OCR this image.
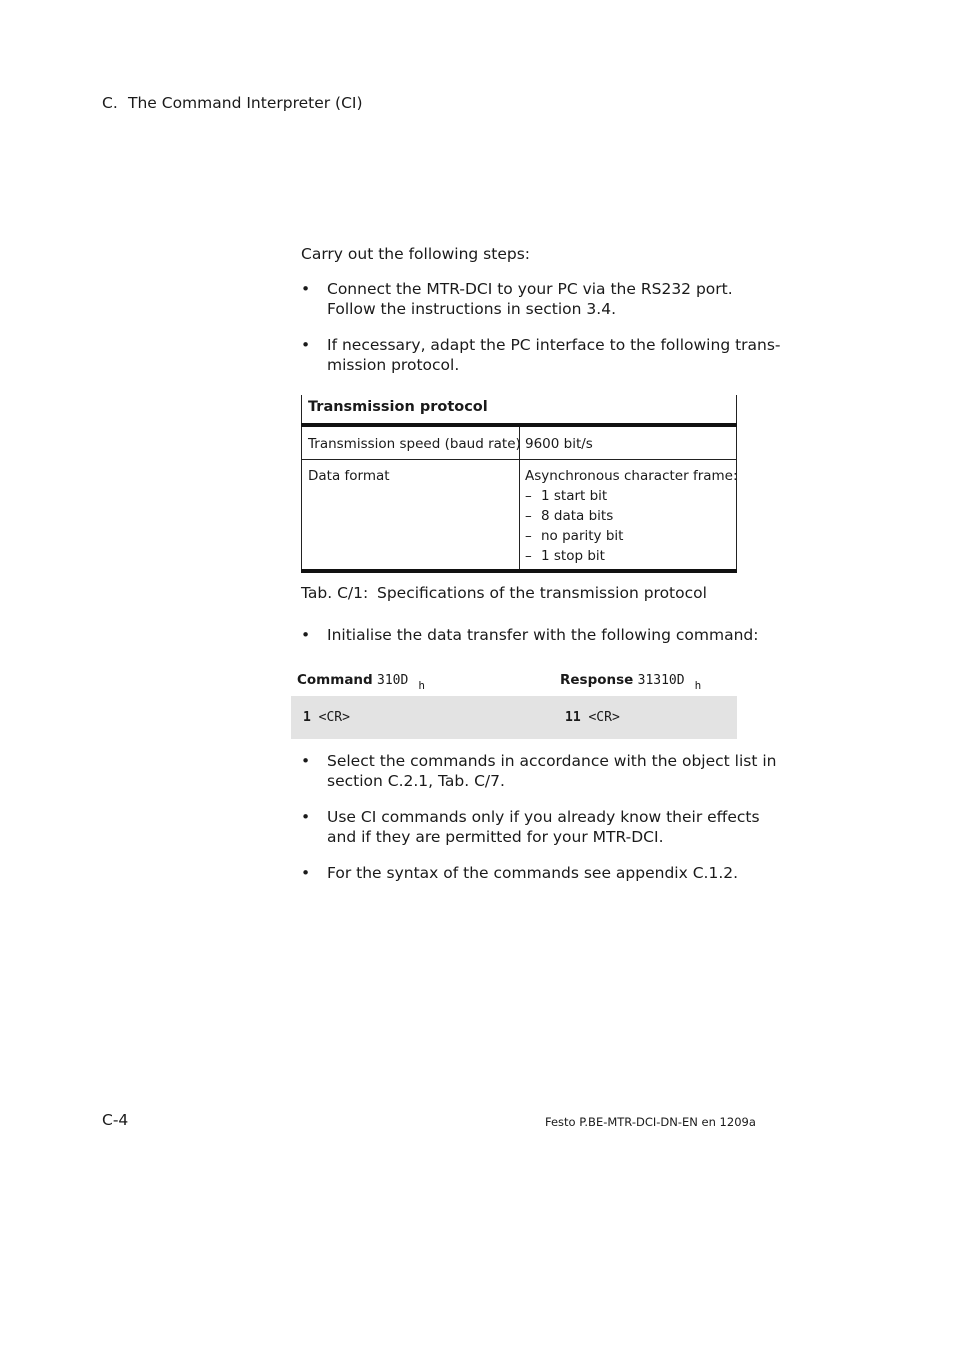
C. The Command Interpreter (CI)
Carry out the following steps:
• Connect the MTR-DCI to your PC via the RS232 port.
Follow the instructions in section 3.4.
• If necessary, adapt the PC interface to the following trans-
mission protocol.
Transmission protocol
Transmission speed (baud rate) 9600 bit/s
Data format	Asynchronous character frame:
– 1 start bit
– 8 data bits
– no parity bit
– 1 stop bit
Tab. C/1: Specifications of the transmission protocol
• Initialise the data transfer with the following command:
Command 310D $_h$	Response 31310D $_h$
1 <CR>	11 <CR>
• Select the commands in accordance with the object list in
section C.2.1, Tab. C/7.
• Use CI commands only if you already know their effects
and if they are permitted for your MTR-DCI.
• For the syntax of the commands see appendix C.1.2.
C-4	Festo P.BE-MTR-DCI-DN-EN en 1209a
